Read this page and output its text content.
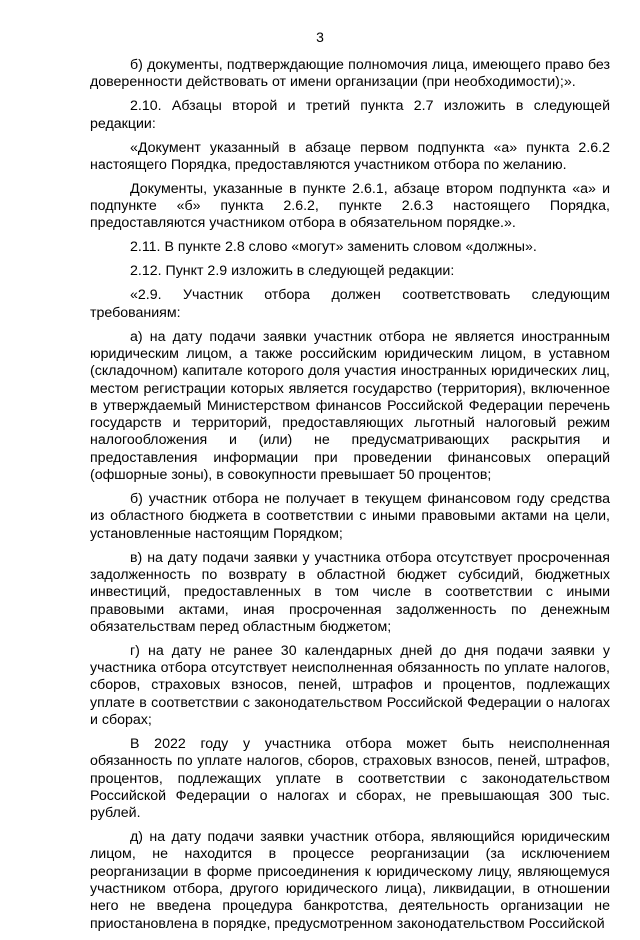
3

б) документы, подтверждающие полномочия лица, имеющего право без доверенности действовать от имени организации (при необходимости);».

2.10. Абзацы второй и третий пункта 2.7 изложить в следующей редакции:

«Документ указанный в абзаце первом подпункта «а» пункта 2.6.2 настоящего Порядка, предоставляются участником отбора по желанию.

Документы, указанные в пункте 2.6.1, абзаце втором подпункта «а» и подпункте «б» пункта 2.6.2, пункте 2.6.3 настоящего Порядка, предоставляются участником отбора в обязательном порядке.».

2.11. В пункте 2.8 слово «могут» заменить словом «должны».

2.12. Пункт 2.9 изложить в следующей редакции:

«2.9. Участник отбора должен соответствовать следующим требованиям:

а) на дату подачи заявки участник отбора не является иностранным юридическим лицом, а также российским юридическим лицом, в уставном (складочном) капитале которого доля участия иностранных юридических лиц, местом регистрации которых является государство (территория), включенное в утверждаемый Министерством финансов Российской Федерации перечень государств и территорий, предоставляющих льготный налоговый режим налогообложения и (или) не предусматривающих раскрытия и предоставления информации при проведении финансовых операций (офшорные зоны), в совокупности превышает 50 процентов;

б) участник отбора не получает в текущем финансовом году средства из областного бюджета в соответствии с иными правовыми актами на цели, установленные настоящим Порядком;

в) на дату подачи заявки у участника отбора отсутствует просроченная задолженность по возврату в областной бюджет субсидий, бюджетных инвестиций, предоставленных в том числе в соответствии с иными правовыми актами, иная просроченная задолженность по денежным обязательствам перед областным бюджетом;

г) на дату не ранее 30 календарных дней до дня подачи заявки у участника отбора отсутствует неисполненная обязанность по уплате налогов, сборов, страховых взносов, пеней, штрафов и процентов, подлежащих уплате в соответствии с законодательством Российской Федерации о налогах и сборах;

В 2022 году у участника отбора может быть неисполненная обязанность по уплате налогов, сборов, страховых взносов, пеней, штрафов, процентов, подлежащих уплате в соответствии с законодательством Российской Федерации о налогах и сборах, не превышающая 300 тыс. рублей.

д) на дату подачи заявки участник отбора, являющийся юридическим лицом, не находится в процессе реорганизации (за исключением реорганизации в форме присоединения к юридическому лицу, являющемуся участником отбора, другого юридического лица), ликвидации, в отношении него не введена процедура банкротства, деятельность организации не приостановлена в порядке, предусмотренном законодательством Российской
